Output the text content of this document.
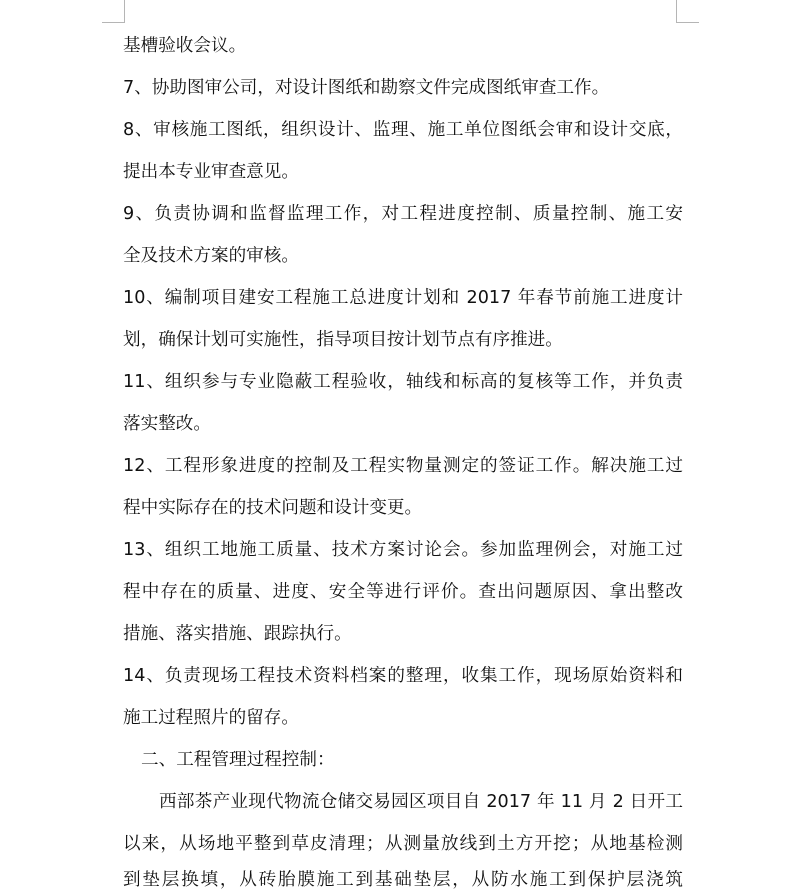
基槽验收会议。

7、协助图审公司，对设计图纸和勘察文件完成图纸审查工作。

8、审核施工图纸，组织设计、监理、施工单位图纸会审和设计交底，

提出本专业审查意见。

9、负责协调和监督监理工作，对工程进度控制、质量控制、施工安

全及技术方案的审核。

10、编制项目建安工程施工总进度计划和 2017 年春节前施工进度计

划，确保计划可实施性，指导项目按计划节点有序推进。

11、组织参与专业隐蔽工程验收，轴线和标高的复核等工作，并负责

落实整改。

12、工程形象进度的控制及工程实物量测定的签证工作。解决施工过

程中实际存在的技术问题和设计变更。

13、组织工地施工质量、技术方案讨论会。参加监理例会，对施工过

程中存在的质量、进度、安全等进行评价。查出问题原因、拿出整改

措施、落实措施、跟踪执行。

14、负责现场工程技术资料档案的整理，收集工作，现场原始资料和

施工过程照片的留存。

二、工程管理过程控制：

西部茶产业现代物流仓储交易园区项目自 2017 年 11 月 2 日开工

以来，从场地平整到草皮清理；从测量放线到土方开挖；从地基检测

到垫层换填，从砖胎膜施工到基础垫层，从防水施工到保护层浇筑
